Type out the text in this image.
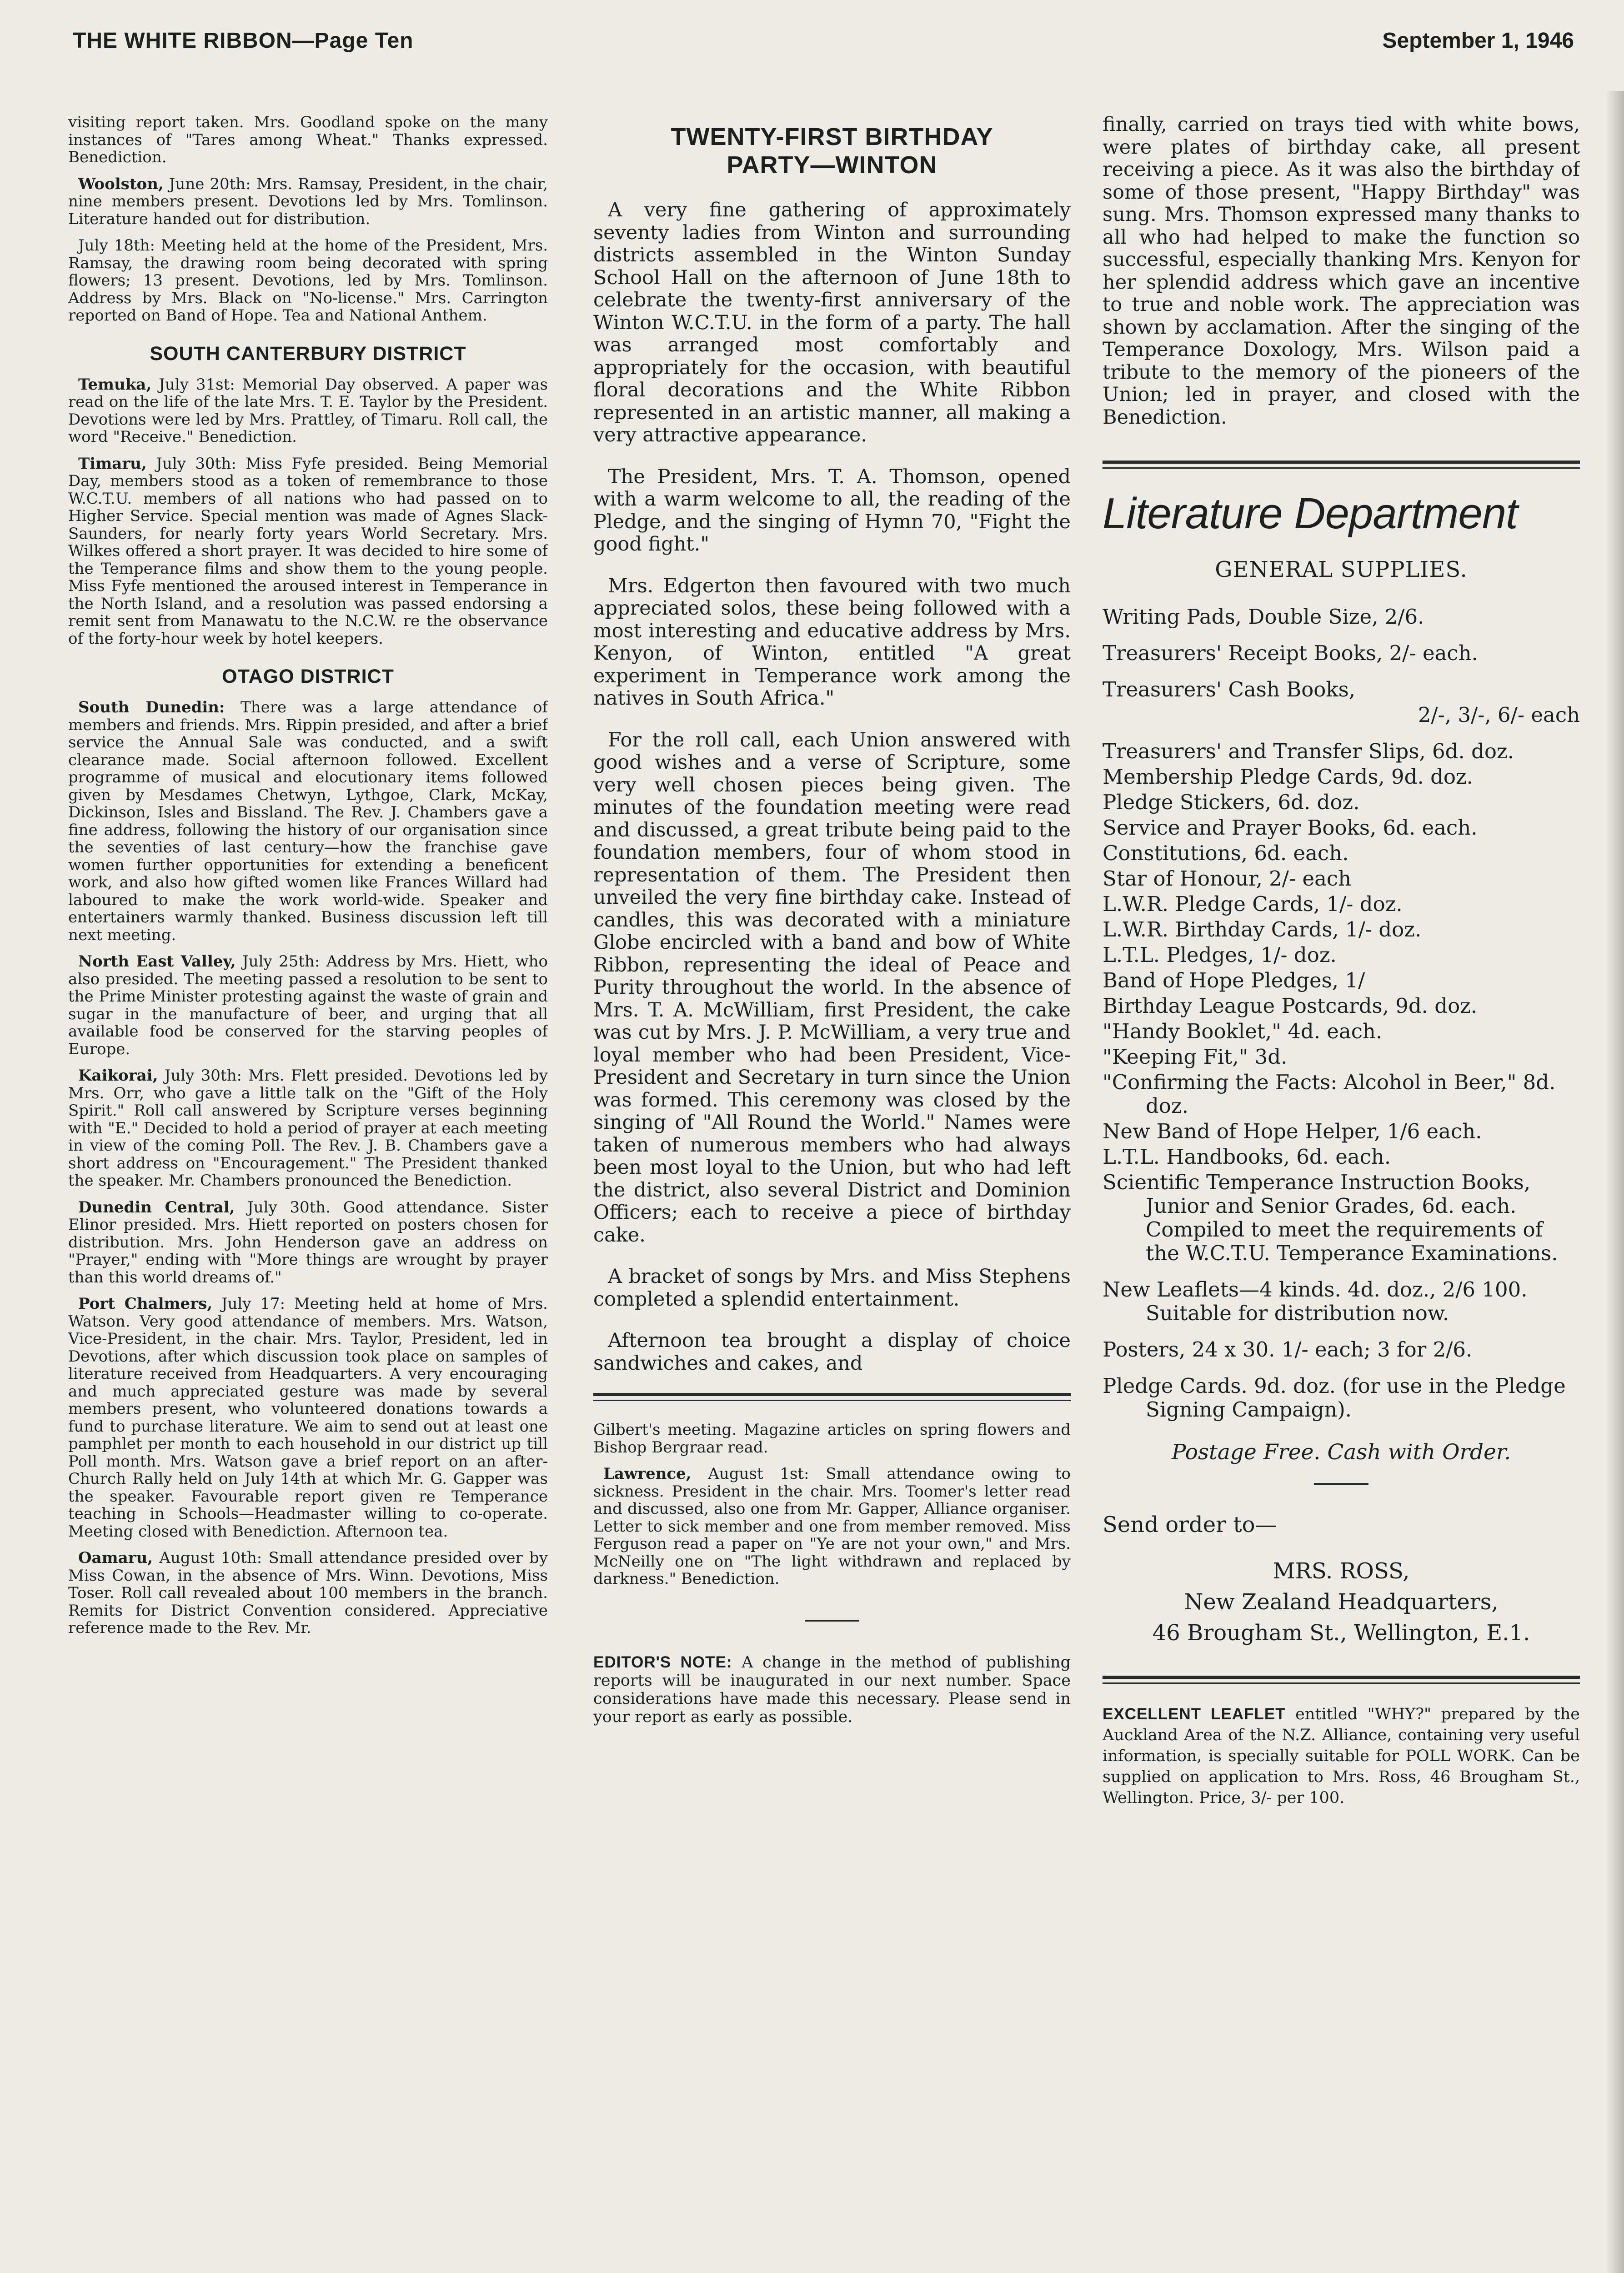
THE WHITE RIBBON—Page Ten	September 1, 1946

visiting report taken. Mrs. Goodland spoke on the many instances of "Tares among Wheat." Thanks expressed. Benediction.

Woolston, June 20th: Mrs. Ramsay, President, in the chair, nine members present. Devotions led by Mrs. Tomlinson. Literature handed out for distribution.

July 18th: Meeting held at the home of the President, Mrs. Ramsay, the drawing room being decorated with spring flowers; 13 present. Devotions, led by Mrs. Tomlinson. Address by Mrs. Black on "No-license." Mrs. Carrington reported on Band of Hope. Tea and National Anthem.

SOUTH CANTERBURY DISTRICT

Temuka, July 31st: Memorial Day observed. A paper was read on the life of the late Mrs. T. E. Taylor by the President. Devotions were led by Mrs. Prattley, of Timaru. Roll call, the word "Receive." Benediction.

Timaru, July 30th: Miss Fyfe presided. Being Memorial Day, members stood as a token of remembrance to those W.C.T.U. members of all nations who had passed on to Higher Service. Special mention was made of Agnes Slack-Saunders, for nearly forty years World Secretary. Mrs. Wilkes offered a short prayer. It was decided to hire some of the Temperance films and show them to the young people. Miss Fyfe mentioned the aroused interest in Temperance in the North Island, and a resolution was passed endorsing a remit sent from Manawatu to the N.C.W. re the observance of the forty-hour week by hotel keepers.

OTAGO DISTRICT

South Dunedin: There was a large attendance of members and friends. Mrs. Rippin presided, and after a brief service the Annual Sale was conducted, and a swift clearance made. Social afternoon followed. Excellent programme of musical and elocutionary items followed given by Mesdames Chetwyn, Lythgoe, Clark, McKay, Dickinson, Isles and Bissland. The Rev. J. Chambers gave a fine address, following the history of our organisation since the seventies of last century—how the franchise gave women further opportunities for extending a beneficent work, and also how gifted women like Frances Willard had laboured to make the work world-wide. Speaker and entertainers warmly thanked. Business discussion left till next meeting.

North East Valley, July 25th: Address by Mrs. Hiett, who also presided. The meeting passed a resolution to be sent to the Prime Minister protesting against the waste of grain and sugar in the manufacture of beer, and urging that all available food be conserved for the starving peoples of Europe.

Kaikorai, July 30th: Mrs. Flett presided. Devotions led by Mrs. Orr, who gave a little talk on the "Gift of the Holy Spirit." Roll call answered by Scripture verses beginning with "E." Decided to hold a period of prayer at each meeting in view of the coming Poll. The Rev. J. B. Chambers gave a short address on "Encouragement." The President thanked the speaker. Mr. Chambers pronounced the Benediction.

Dunedin Central, July 30th. Good attendance. Sister Elinor presided. Mrs. Hiett reported on posters chosen for distribution. Mrs. John Henderson gave an address on "Prayer," ending with "More things are wrought by prayer than this world dreams of."

Port Chalmers, July 17: Meeting held at home of Mrs. Watson. Very good attendance of members. Mrs. Watson, Vice-President, in the chair. Mrs. Taylor, President, led in Devotions, after which discussion took place on samples of literature received from Headquarters. A very encouraging and much appreciated gesture was made by several members present, who volunteered donations towards a fund to purchase literature. We aim to send out at least one pamphlet per month to each household in our district up till Poll month. Mrs. Watson gave a brief report on an after-Church Rally held on July 14th at which Mr. G. Gapper was the speaker. Favourable report given re Temperance teaching in Schools—Headmaster willing to co-operate. Meeting closed with Benediction. Afternoon tea.

Oamaru, August 10th: Small attendance presided over by Miss Cowan, in the absence of Mrs. Winn. Devotions, Miss Toser. Roll call revealed about 100 members in the branch. Remits for District Convention considered. Appreciative reference made to the Rev. Mr.

TWENTY-FIRST BIRTHDAY
PARTY—WINTON

A very fine gathering of approximately seventy ladies from Winton and surrounding districts assembled in the Winton Sunday School Hall on the afternoon of June 18th to celebrate the twenty-first anniversary of the Winton W.C.T.U. in the form of a party. The hall was arranged most comfortably and appropriately for the occasion, with beautiful floral decorations and the White Ribbon represented in an artistic manner, all making a very attractive appearance.

The President, Mrs. T. A. Thomson, opened with a warm welcome to all, the reading of the Pledge, and the singing of Hymn 70, "Fight the good fight."

Mrs. Edgerton then favoured with two much appreciated solos, these being followed with a most interesting and educative address by Mrs. Kenyon, of Winton, entitled "A great experiment in Temperance work among the natives in South Africa."

For the roll call, each Union answered with good wishes and a verse of Scripture, some very well chosen pieces being given. The minutes of the foundation meeting were read and discussed, a great tribute being paid to the foundation members, four of whom stood in representation of them. The President then unveiled the very fine birthday cake. Instead of candles, this was decorated with a miniature Globe encircled with a band and bow of White Ribbon, representing the ideal of Peace and Purity throughout the world. In the absence of Mrs. T. A. McWilliam, first President, the cake was cut by Mrs. J. P. McWilliam, a very true and loyal member who had been President, Vice-President and Secretary in turn since the Union was formed. This ceremony was closed by the singing of "All Round the World." Names were taken of numerous members who had always been most loyal to the Union, but who had left the district, also several District and Dominion Officers; each to receive a piece of birthday cake.

A bracket of songs by Mrs. and Miss Stephens completed a splendid entertainment.

Afternoon tea brought a display of choice sandwiches and cakes, and

Gilbert's meeting. Magazine articles on spring flowers and Bishop Bergraar read.

Lawrence, August 1st: Small attendance owing to sickness. President in the chair. Mrs. Toomer's letter read and discussed, also one from Mr. Gapper, Alliance organiser. Letter to sick member and one from member removed. Miss Ferguson read a paper on "Ye are not your own," and Mrs. McNeilly one on "The light withdrawn and replaced by darkness." Benediction.

EDITOR'S NOTE: A change in the method of publishing reports will be inaugurated in our next number. Space considerations have made this necessary. Please send in your report as early as possible.

finally, carried on trays tied with white bows, were plates of birthday cake, all present receiving a piece. As it was also the birthday of some of those present, "Happy Birthday" was sung. Mrs. Thomson expressed many thanks to all who had helped to make the function so successful, especially thanking Mrs. Kenyon for her splendid address which gave an incentive to true and noble work. The appreciation was shown by acclamation. After the singing of the Temperance Doxology, Mrs. Wilson paid a tribute to the memory of the pioneers of the Union; led in prayer, and closed with the Benediction.

Literature Department
GENERAL SUPPLIES.

Writing Pads, Double Size, 2/6.

Treasurers' Receipt Books, 2/- each.

Treasurers' Cash Books,

2/-, 3/-, 6/- each

Treasurers' and Transfer Slips, 6d. doz.

Membership Pledge Cards, 9d. doz.

Pledge Stickers, 6d. doz.

Service and Prayer Books, 6d. each.

Constitutions, 6d. each.

Star of Honour, 2/- each

L.W.R. Pledge Cards, 1/- doz.

L.W.R. Birthday Cards, 1/- doz.

L.T.L. Pledges, 1/- doz.

Band of Hope Pledges, 1/

Birthday League Postcards, 9d. doz.

"Handy Booklet," 4d. each.

"Keeping Fit," 3d.

"Confirming the Facts: Alcohol in Beer," 8d. doz.

New Band of Hope Helper, 1/6 each.

L.T.L. Handbooks, 6d. each.

Scientific Temperance Instruction Books, Junior and Senior Grades, 6d. each. Compiled to meet the requirements of the W.C.T.U. Temperance Examinations.

New Leaflets—4 kinds. 4d. doz., 2/6 100. Suitable for distribution now.

Posters, 24 x 30. 1/- each; 3 for 2/6.

Pledge Cards. 9d. doz. (for use in the Pledge Signing Campaign).

Postage Free. Cash with Order.
Send order to—

MRS. ROSS,

New Zealand Headquarters,

46 Brougham St., Wellington, E.1.

EXCELLENT LEAFLET entitled "WHY?" prepared by the Auckland Area of the N.Z. Alliance, containing very useful information, is specially suitable for POLL WORK. Can be supplied on application to Mrs. Ross, 46 Brougham St., Wellington. Price, 3/- per 100.
